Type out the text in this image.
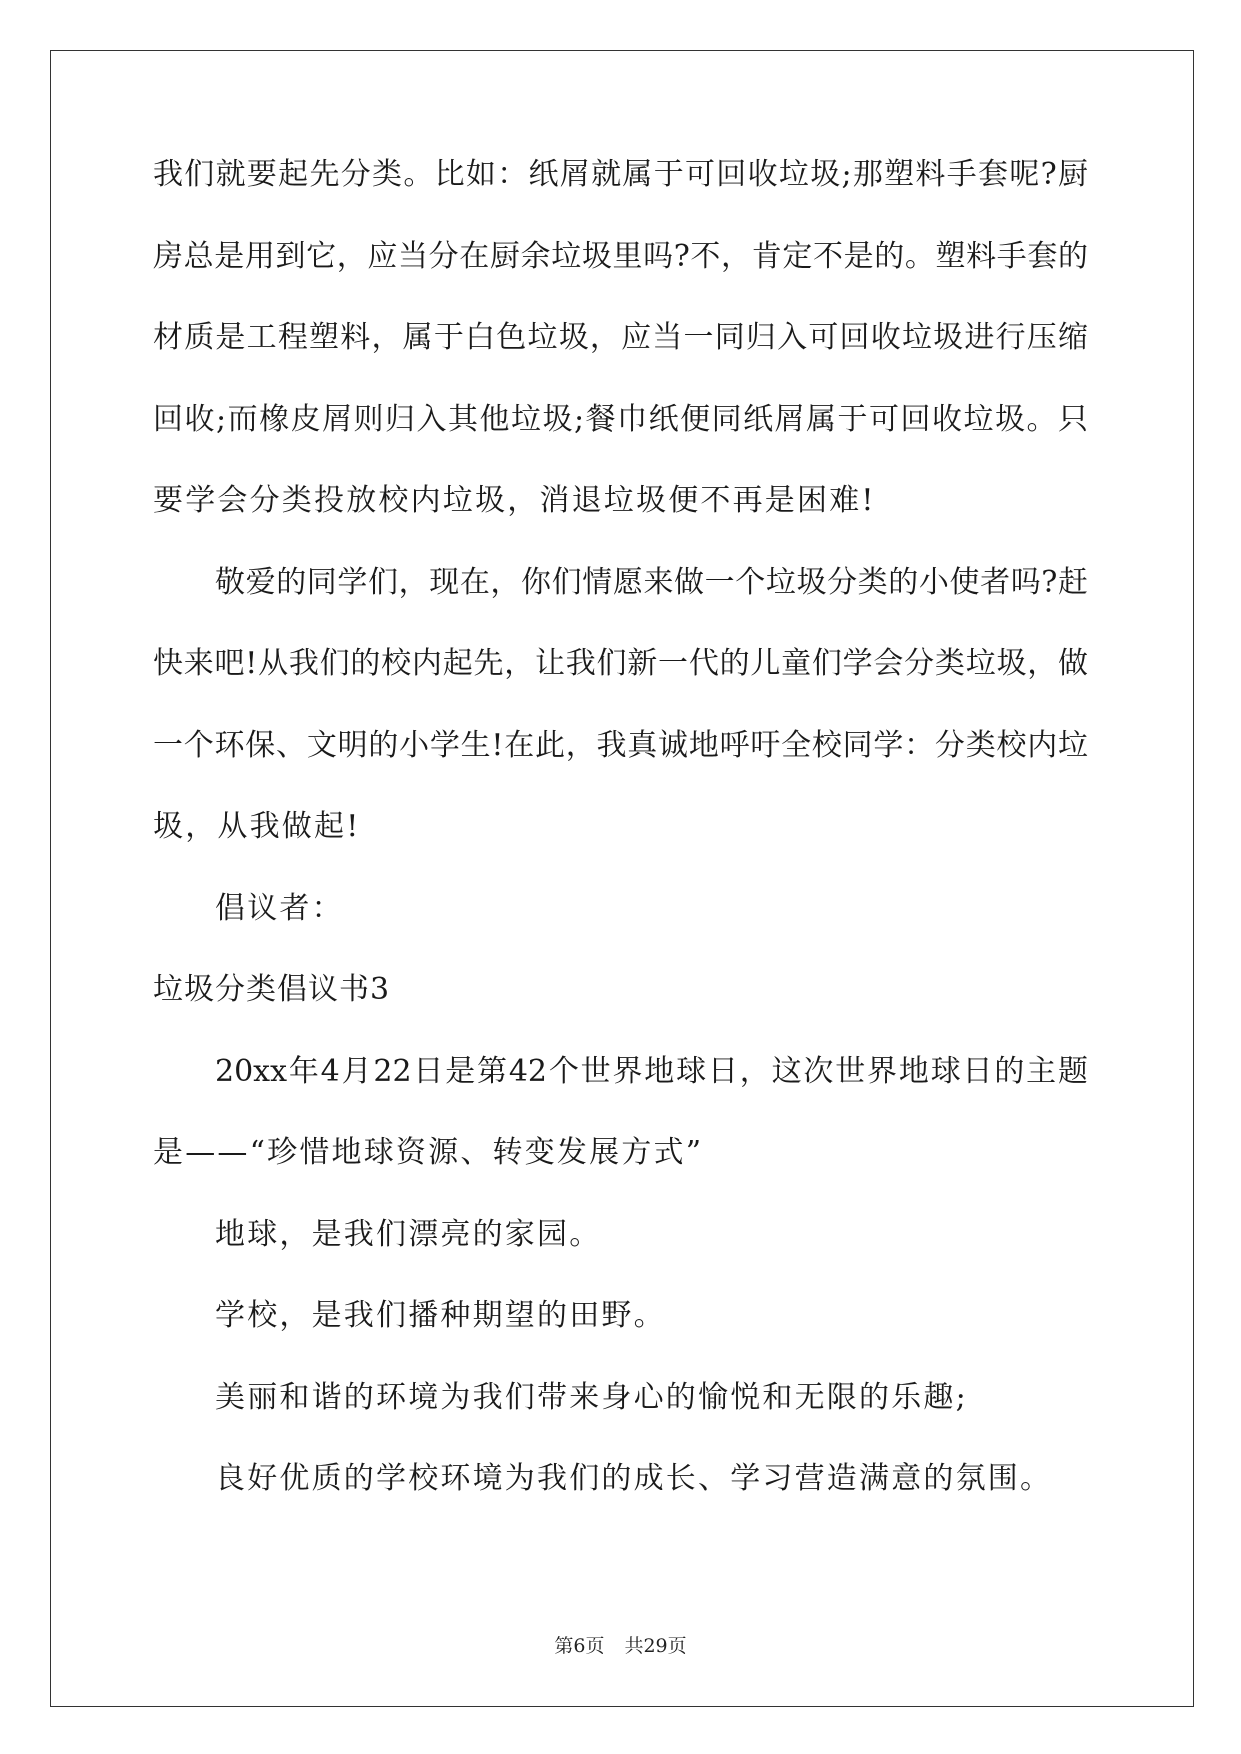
我们就要起先分类。比如：纸屑就属于可回收垃圾;那塑料手套呢?厨
房总是用到它，应当分在厨余垃圾里吗?不，肯定不是的。塑料手套的
材质是工程塑料，属于白色垃圾，应当一同归入可回收垃圾进行压缩
回收;而橡皮屑则归入其他垃圾;餐巾纸便同纸屑属于可回收垃圾。只
要学会分类投放校内垃圾，消退垃圾便不再是困难!
敬爱的同学们，现在，你们情愿来做一个垃圾分类的小使者吗?赶
快来吧!从我们的校内起先，让我们新一代的儿童们学会分类垃圾，做
一个环保、文明的小学生!在此，我真诚地呼吁全校同学：分类校内垃
圾，从我做起!
倡议者：
垃圾分类倡议书3
20xx年4月22日是第42个世界地球日，这次世界地球日的主题
是——“珍惜地球资源、转变发展方式”
地球，是我们漂亮的家园。
学校，是我们播种期望的田野。
美丽和谐的环境为我们带来身心的愉悦和无限的乐趣;
良好优质的学校环境为我们的成长、学习营造满意的氛围。
第6页 共29页
